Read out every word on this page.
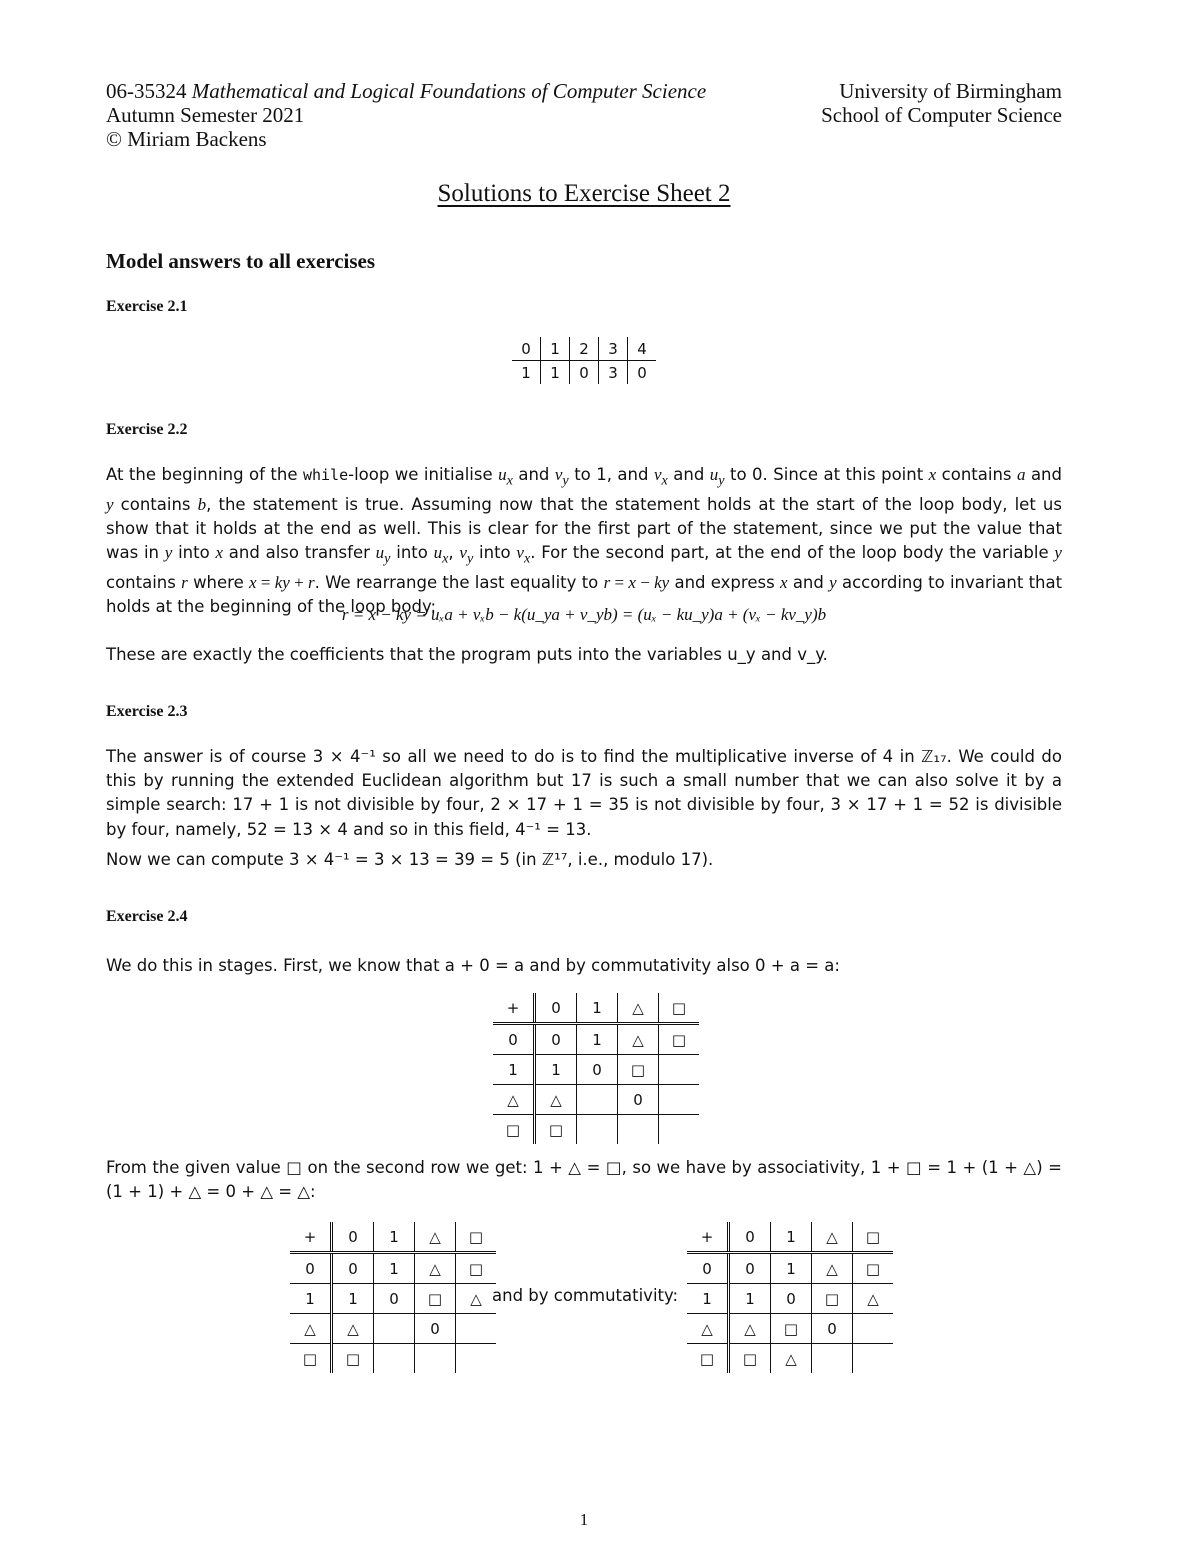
06-35324 Mathematical and Logical Foundations of Computer Science
Autumn Semester 2021
© Miriam Backens
University of Birmingham
School of Computer Science
Solutions to Exercise Sheet 2
Model answers to all exercises
Exercise 2.1
0	1	2	3	4
1	1	0	3	0
Exercise 2.2

At the beginning of the while-loop we initialise $u_x$ and $v_y$ to 1, and $v_x$ and $u_y$ to 0. Since at this point x contains a and y contains b, the statement is true. Assuming now that the statement holds at the start of the loop body, let us show that it holds at the end as well. This is clear for the first part of the statement, since we put the value that was in y into x and also transfer $u_y$ into $u_x$, $v_y$ into $v_x$. For the second part, at the end of the loop body the variable y contains r where x = ky + r. We rearrange the last equality to r = x − ky and express x and y according to invariant that holds at the beginning of the loop body:

r = x − ky = uₓa + vₓb − k(u_ya + v_yb) = (uₓ − ku_y)a + (vₓ − kv_y)b
These are exactly the coefficients that the program puts into the variables u_y and v_y.
Exercise 2.3
The answer is of course 3 × 4⁻¹ so all we need to do is to find the multiplicative inverse of 4 in ℤ₁₇. We could do this by running the extended Euclidean algorithm but 17 is such a small number that we can also solve it by a simple search: 17 + 1 is not divisible by four, 2 × 17 + 1 = 35 is not divisible by four, 3 × 17 + 1 = 52 is divisible by four, namely, 52 = 13 × 4 and so in this field, 4⁻¹ = 13.
Now we can compute 3 × 4⁻¹ = 3 × 13 = 39 = 5 (in ℤ¹⁷, i.e., modulo 17).
Exercise 2.4
We do this in stages. First, we know that a + 0 = a and by commutativity also 0 + a = a:
+	0	1	△	□
0	0	1	△	□
1	1	0	□	
△	△		0	
□	□			
From the given value □ on the second row we get: 1 + △ = □, so we have by associativity, 1 + □ = 1 + (1 + △) = (1 + 1) + △ = 0 + △ = △:
+	0	1	△	□
0	0	1	△	□
1	1	0	□	△
△	△		0	
□	□			
and by commutativity:
+	0	1	△	□
0	0	1	△	□
1	1	0	□	△
△	△	□	0	
□	□	△		
1
